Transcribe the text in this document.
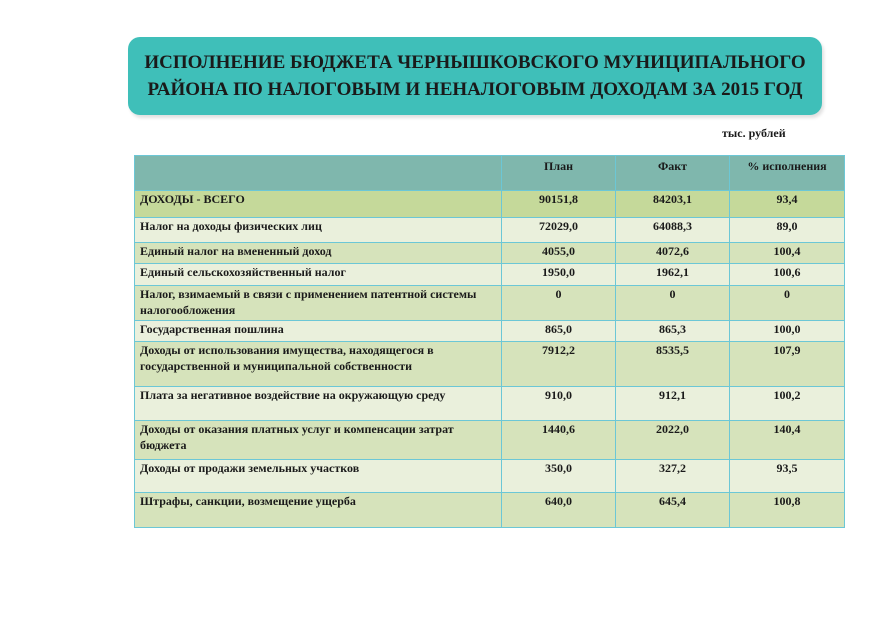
ИСПОЛНЕНИЕ БЮДЖЕТА ЧЕРНЫШКОВСКОГО МУНИЦИПАЛЬНОГО
РАЙОНА ПО НАЛОГОВЫМ И НЕНАЛОГОВЫМ ДОХОДАМ ЗА 2015 ГОД
тыс. рублей
	План	Факт	% исполнения
ДОХОДЫ - ВСЕГО	90151,8	84203,1	93,4
Налог на доходы физических лиц	72029,0	64088,3	89,0
Единый налог на вмененный доход	4055,0	4072,6	100,4
Единый сельскохозяйственный налог	1950,0	1962,1	100,6
Налог, взимаемый в связи с применением патентной системы налогообложения	0	0	0
Государственная пошлина	865,0	865,3	100,0
Доходы от использования имущества, находящегося в государственной и муниципальной собственности	7912,2	8535,5	107,9
Плата за негативное воздействие на окружающую среду	910,0	912,1	100,2
Доходы от оказания платных услуг и компенсации затрат бюджета	1440,6	2022,0	140,4
Доходы от продажи земельных участков	350,0	327,2	93,5
Штрафы, санкции, возмещение ущерба	640,0	645,4	100,8
